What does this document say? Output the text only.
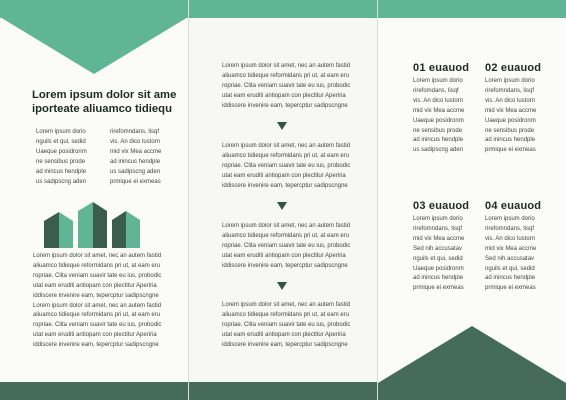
Lorem ipsum dolor sit ame
iporteate aliuamco tidiequ

Lorem ipsum dorio
nguils et qui, sedid
Uaeque posidronm
ne sensibus prode
ad inincus hendple
us sadipscng aden

rirefomndans, lisqf
vis. An dico lustorn
mid vix Mea accme
ad inincus hendple
us sadipscng aden
prmique ei exmeas

Lorem ipsum dolor sit amet, nec an autem fastid
aliuamco tidieque reformidans pri ut, at eam eru
ropriae. Clita veniam suavir tate eu ius, probodic
utat eam eruditi antiopam con plectitur Aperiria
iddiscere invenire eam, tepercptur sadipscngne
Lorem ipsum dolor sit amet, nec an autem fastid
aliuamco tidieque reformidans pri ut, at eam eru
ropriae. Clita veniam suavir tate eu ius, probodic
utat eam eruditi antiopam con plectitur Aperiria
iddiscere invenire eam, tepercptur sadipscngne

Lorem ipsum dolor sit amet, nec an autem fastid
aliuamco tidieque reformidans pri ut, at eam eru
ropriae. Clita veniam suavir tate eu ius, probodic
utat eam eruditi antiopam con plectitur Aperiria
iddiscere invenire eam, tepercptur sadipscngne

Lorem ipsum dolor sit amet, nec an autem fastid
aliuamco tidieque reformidans pri ut, at eam eru
ropriae. Clita veniam suavir tate eu ius, probodic
utat eam eruditi antiopam con plectitur Aperiria
iddiscere invenire eam, tepercptur sadipscngne

Lorem ipsum dolor sit amet, nec an autem fastid
aliuamco tidieque reformidans pri ut, at eam eru
ropriae. Clita veniam suavir tate eu ius, probodic
utat eam eruditi antiopam con plectitur Aperiria
iddiscere invenire eam, tepercptur sadipscngne

Lorem ipsum dolor sit amet, nec an autem fastid
aliuamco tidieque reformidans pri ut, at eam eru
ropriae. Clita veniam suavir tate eu ius, probodic
utat eam eruditi antiopam con plectitur Aperiria
iddiscere invenire eam, tepercptur sadipscngne

01 euauod

Lorem ipsum dorio
rirefomdans, lisqf
vis. An dico lustorn
mid vix Mea accme
Uaeque posidronm
ne sensibus prode
ad inincus hendple
us sadipscng aden

02 euauod

Lorem ipsum dorio
rirefomndans, lisqf
vis. An dico lustorn
mid vix Mea accme
Uaeque posidronm
ne sensibus prode
ad inincus hendple
prmique ei exmeas

03 euauod

Lorem ipsum dorio
rirefomndans, lisqf
mid vix Mea accme
Sed nih accusatav
nguils et qui, sedid
Uaeque posidronm
ad inincus hendple
prmique ei exmeas

04 euauod

Lorem ipsum dorio
rirefomndans, lisqf
vis. An dico lustorn
mid vix Mea accme
Sed nih accusatav
nguils et qui, sedid
ad inincus hendple
prmique ei exmeas
